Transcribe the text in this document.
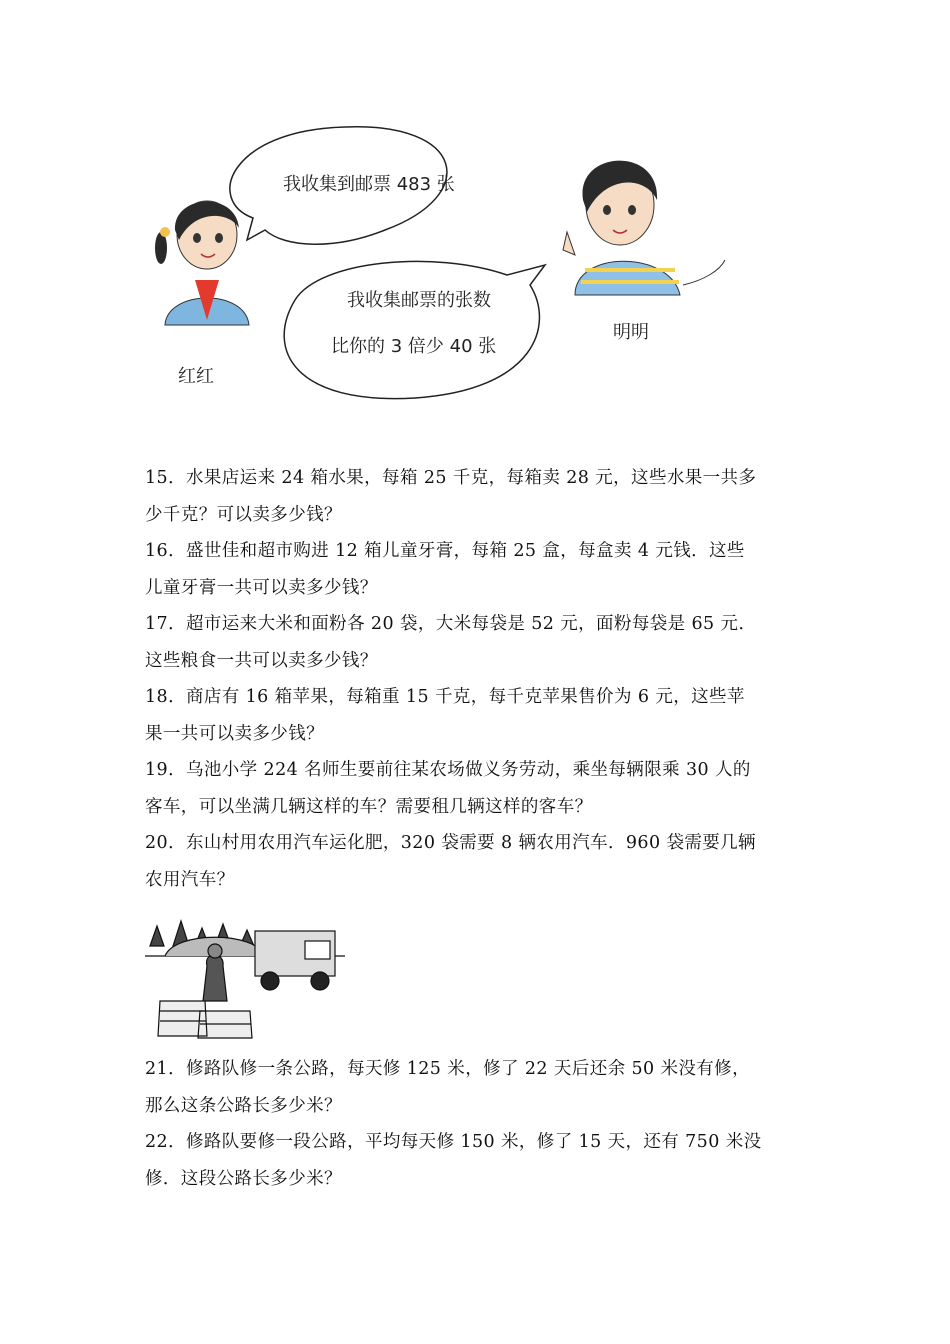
我收集到邮票 483 张
我收集邮票的张数
比你的 3 倍少 40 张
红红
明明
15．水果店运来 24 箱水果，每箱 25 千克，每箱卖 28 元，这些水果一共多
少千克？可以卖多少钱？
16．盛世佳和超市购进 12 箱儿童牙膏，每箱 25 盒，每盒卖 4 元钱．这些
儿童牙膏一共可以卖多少钱？
17．超市运来大米和面粉各 20 袋，大米每袋是 52 元，面粉每袋是 65 元．
这些粮食一共可以卖多少钱？
18．商店有 16 箱苹果，每箱重 15 千克，每千克苹果售价为 6 元，这些苹
果一共可以卖多少钱？
19．乌池小学 224 名师生要前往某农场做义务劳动，乘坐每辆限乘 30 人的
客车，可以坐满几辆这样的车？需要租几辆这样的客车？
20．东山村用农用汽车运化肥，320 袋需要 8 辆农用汽车．960 袋需要几辆
农用汽车？
21．修路队修一条公路，每天修 125 米，修了 22 天后还余 50 米没有修，
那么这条公路长多少米？
22．修路队要修一段公路，平均每天修 150 米，修了 15 天，还有 750 米没
修．这段公路长多少米？
